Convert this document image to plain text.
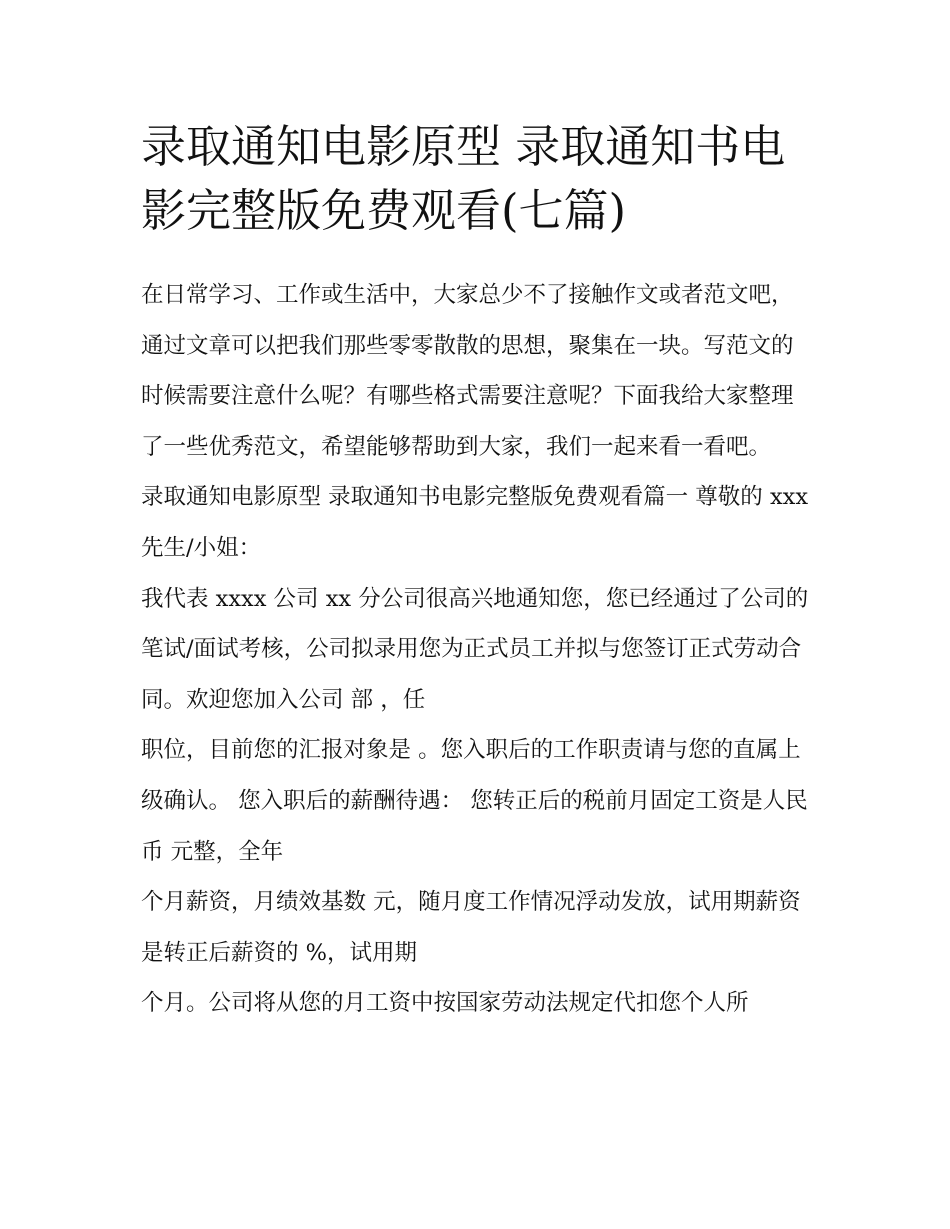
录取通知电影原型 录取通知书电影完整版免费观看(七篇)

在日常学习、工作或生活中，大家总少不了接触作文或者范文吧，通过文章可以把我们那些零零散散的思想，聚集在一块。写范文的时候需要注意什么呢？有哪些格式需要注意呢？下面我给大家整理了一些优秀范文，希望能够帮助到大家，我们一起来看一看吧。

录取通知电影原型 录取通知书电影完整版免费观看篇一 尊敬的 xxx 先生/小姐：

我代表 xxxx 公司 xx 分公司很高兴地通知您，您已经通过了公司的笔试/面试考核，公司拟录用您为正式员工并拟与您签订正式劳动合同。欢迎您加入公司 部 ，任

职位，目前您的汇报对象是 。您入职后的工作职责请与您的直属上级确认。 您入职后的薪酬待遇： 您转正后的税前月固定工资是人民币 元整，全年

个月薪资，月绩效基数 元，随月度工作情况浮动发放，试用期薪资是转正后薪资的 %，试用期

个月。公司将从您的月工资中按国家劳动法规定代扣您个人所
